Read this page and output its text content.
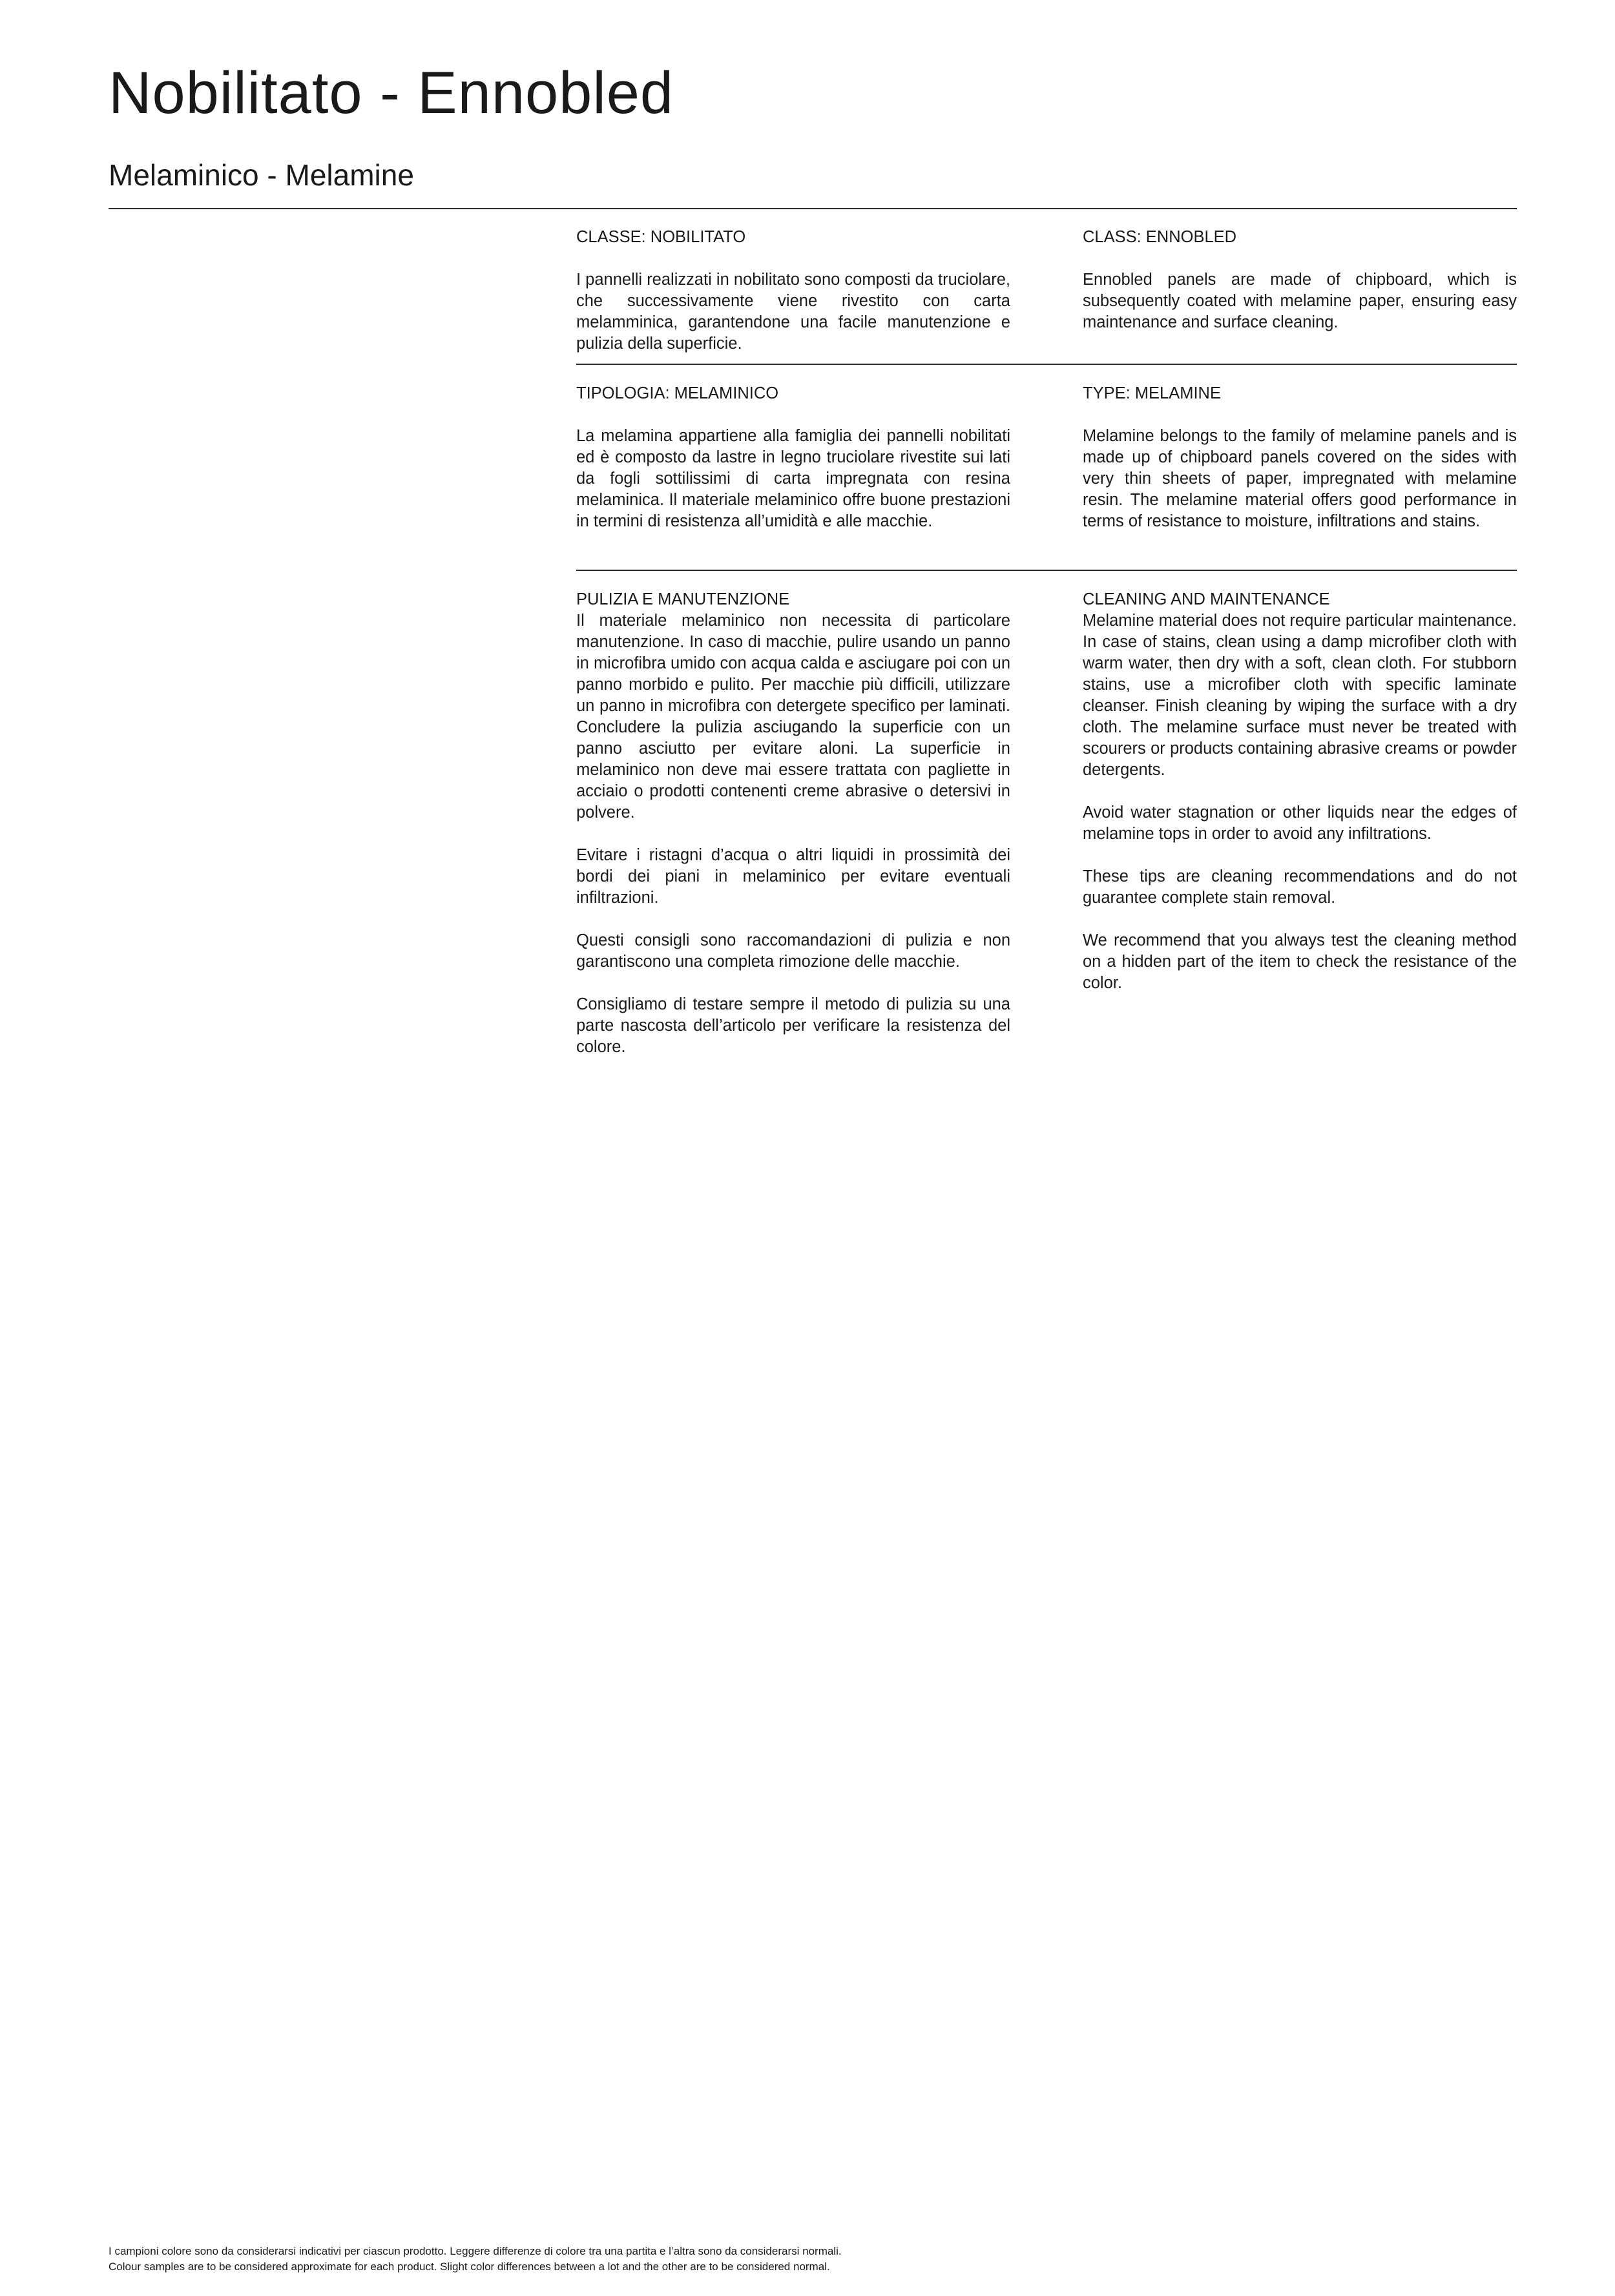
Nobilitato - Ennobled
Melaminico - Melamine
CLASSE: NOBILITATO

I pannelli realizzati in nobilitato sono composti da truciolare, che successivamente viene rivestito con carta melamminica, garantendone una facile manutenzione e pulizia della superficie.

CLASS: ENNOBLED

Ennobled panels are made of chipboard, which is subsequently coated with melamine paper, ensuring easy maintenance and surface cleaning.

TIPOLOGIA: MELAMINICO

La melamina appartiene alla famiglia dei pannelli nobilitati ed è composto da lastre in legno truciolare rivestite sui lati da fogli sottilissimi di carta impregnata con resina melaminica. Il materiale melaminico offre buone prestazioni in termini di resistenza all’umidità e alle macchie.

TYPE: MELAMINE

Melamine belongs to the family of melamine panels and is made up of chipboard panels covered on the sides with very thin sheets of paper, impregnated with melamine resin. The melamine material offers good performance in terms of resistance to moisture, infiltrations and stains.

PULIZIA E MANUTENZIONE

Il materiale melaminico non necessita di particolare manutenzione. In caso di macchie, pulire usando un panno in microfibra umido con acqua calda e asciugare poi con un panno morbido e pulito. Per macchie più difficili, utilizzare un panno in microfibra con detergete specifico per laminati. Concludere la pulizia asciugando la superficie con un panno asciutto per evitare aloni. La superficie in melaminico non deve mai essere trattata con pagliette in acciaio o prodotti contenenti creme abrasive o detersivi in polvere.

Evitare i ristagni d’acqua o altri liquidi in prossimità dei bordi dei piani in melaminico per evitare eventuali infiltrazioni.

Questi consigli sono raccomandazioni di pulizia e non garantiscono una completa rimozione delle macchie.

Consigliamo di testare sempre il metodo di pulizia su una parte nascosta dell’articolo per verificare la resistenza del colore.

CLEANING AND MAINTENANCE

Melamine material does not require particular maintenance. In case of stains, clean using a damp microfiber cloth with warm water, then dry with a soft, clean cloth. For stubborn stains, use a microfiber cloth with specific laminate cleanser. Finish cleaning by wiping the surface with a dry cloth. The melamine surface must never be treated with scourers or products containing abrasive creams or powder detergents.

Avoid water stagnation or other liquids near the edges of melamine tops in order to avoid any infiltrations.

These tips are cleaning recommendations and do not guarantee complete stain removal.

We recommend that you always test the cleaning method on a hidden part of the item to check the resistance of the color.

I campioni colore sono da considerarsi indicativi per ciascun prodotto. Leggere differenze di colore tra una partita e l’altra sono da considerarsi normali.
Colour samples are to be considered approximate for each product. Slight color differences between a lot and the other are to be considered normal.
